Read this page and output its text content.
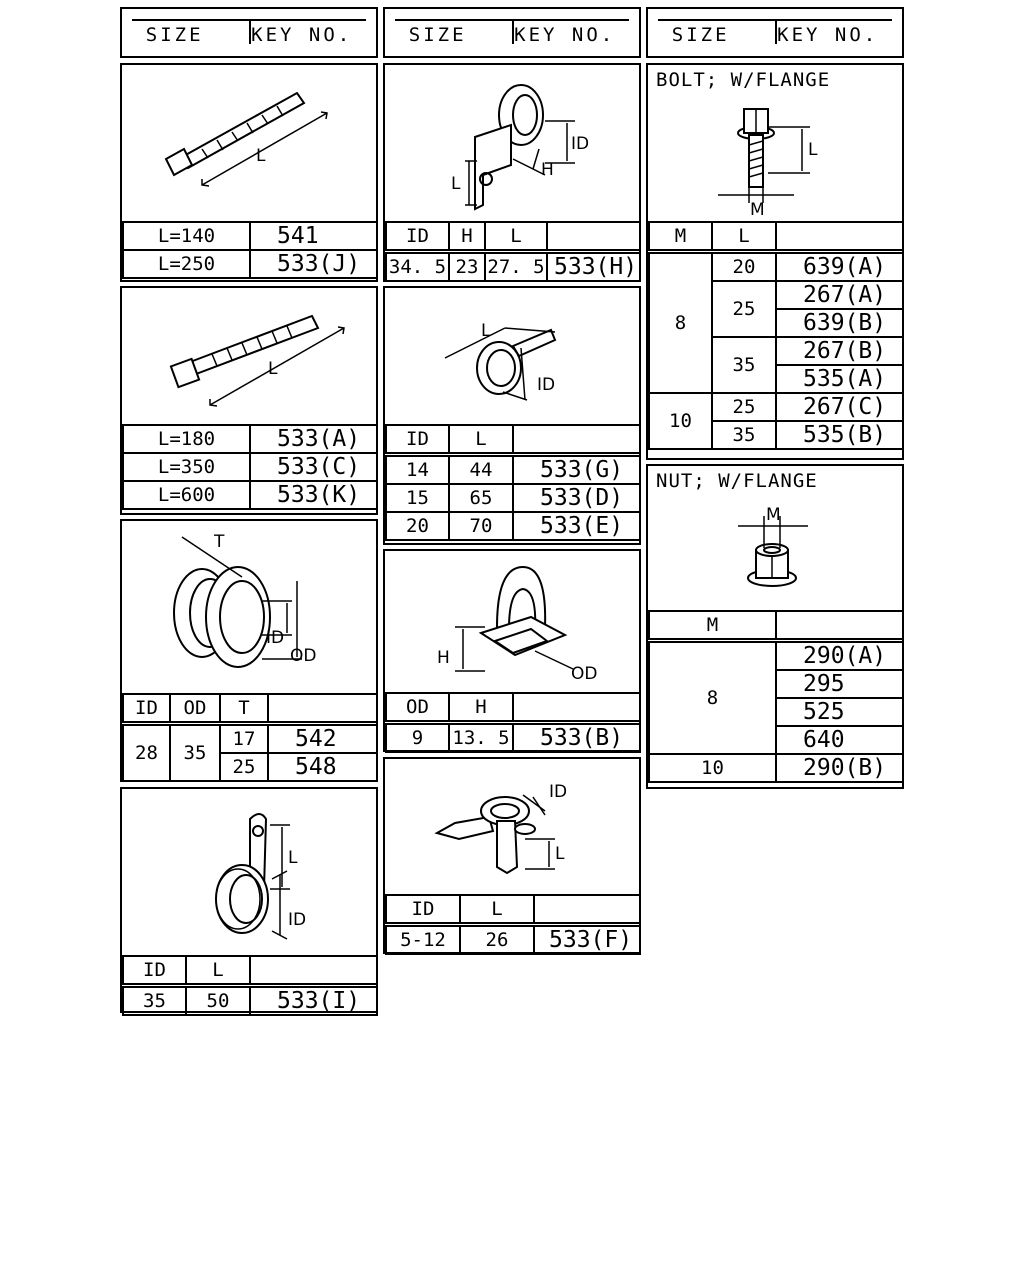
SIZE	KEY NO.	SIZE	KEY NO.	SIZE	KEY NO.
L
L=140	541
L=250	533(J)
L
L=180	533(A)
L=350	533(C)
L=600	533(K)
T
ID
OD
ID	OD	T	
28	35	17	542
		25	548
L
ID
ID	L	
35	50	533(I)
ID
H
L
ID	H	L	
34. 5	23	27. 5	533(H)
L
ID
ID	L	
14	44	533(G)
15	65	533(D)
20	70	533(E)
H
OD
OD	H	
9	13. 5	533(B)
ID
L
ID	L	
5-12	26	533(F)
BOLT; W/FLANGE
L
M
M	L	
8	20	639(A)
	25	267(A)
		639(B)
	35	267(B)
		535(A)
10	25	267(C)
	35	535(B)
NUT; W/FLANGE
M
M	
8	290(A)
	295
	525
	640
10	290(B)
